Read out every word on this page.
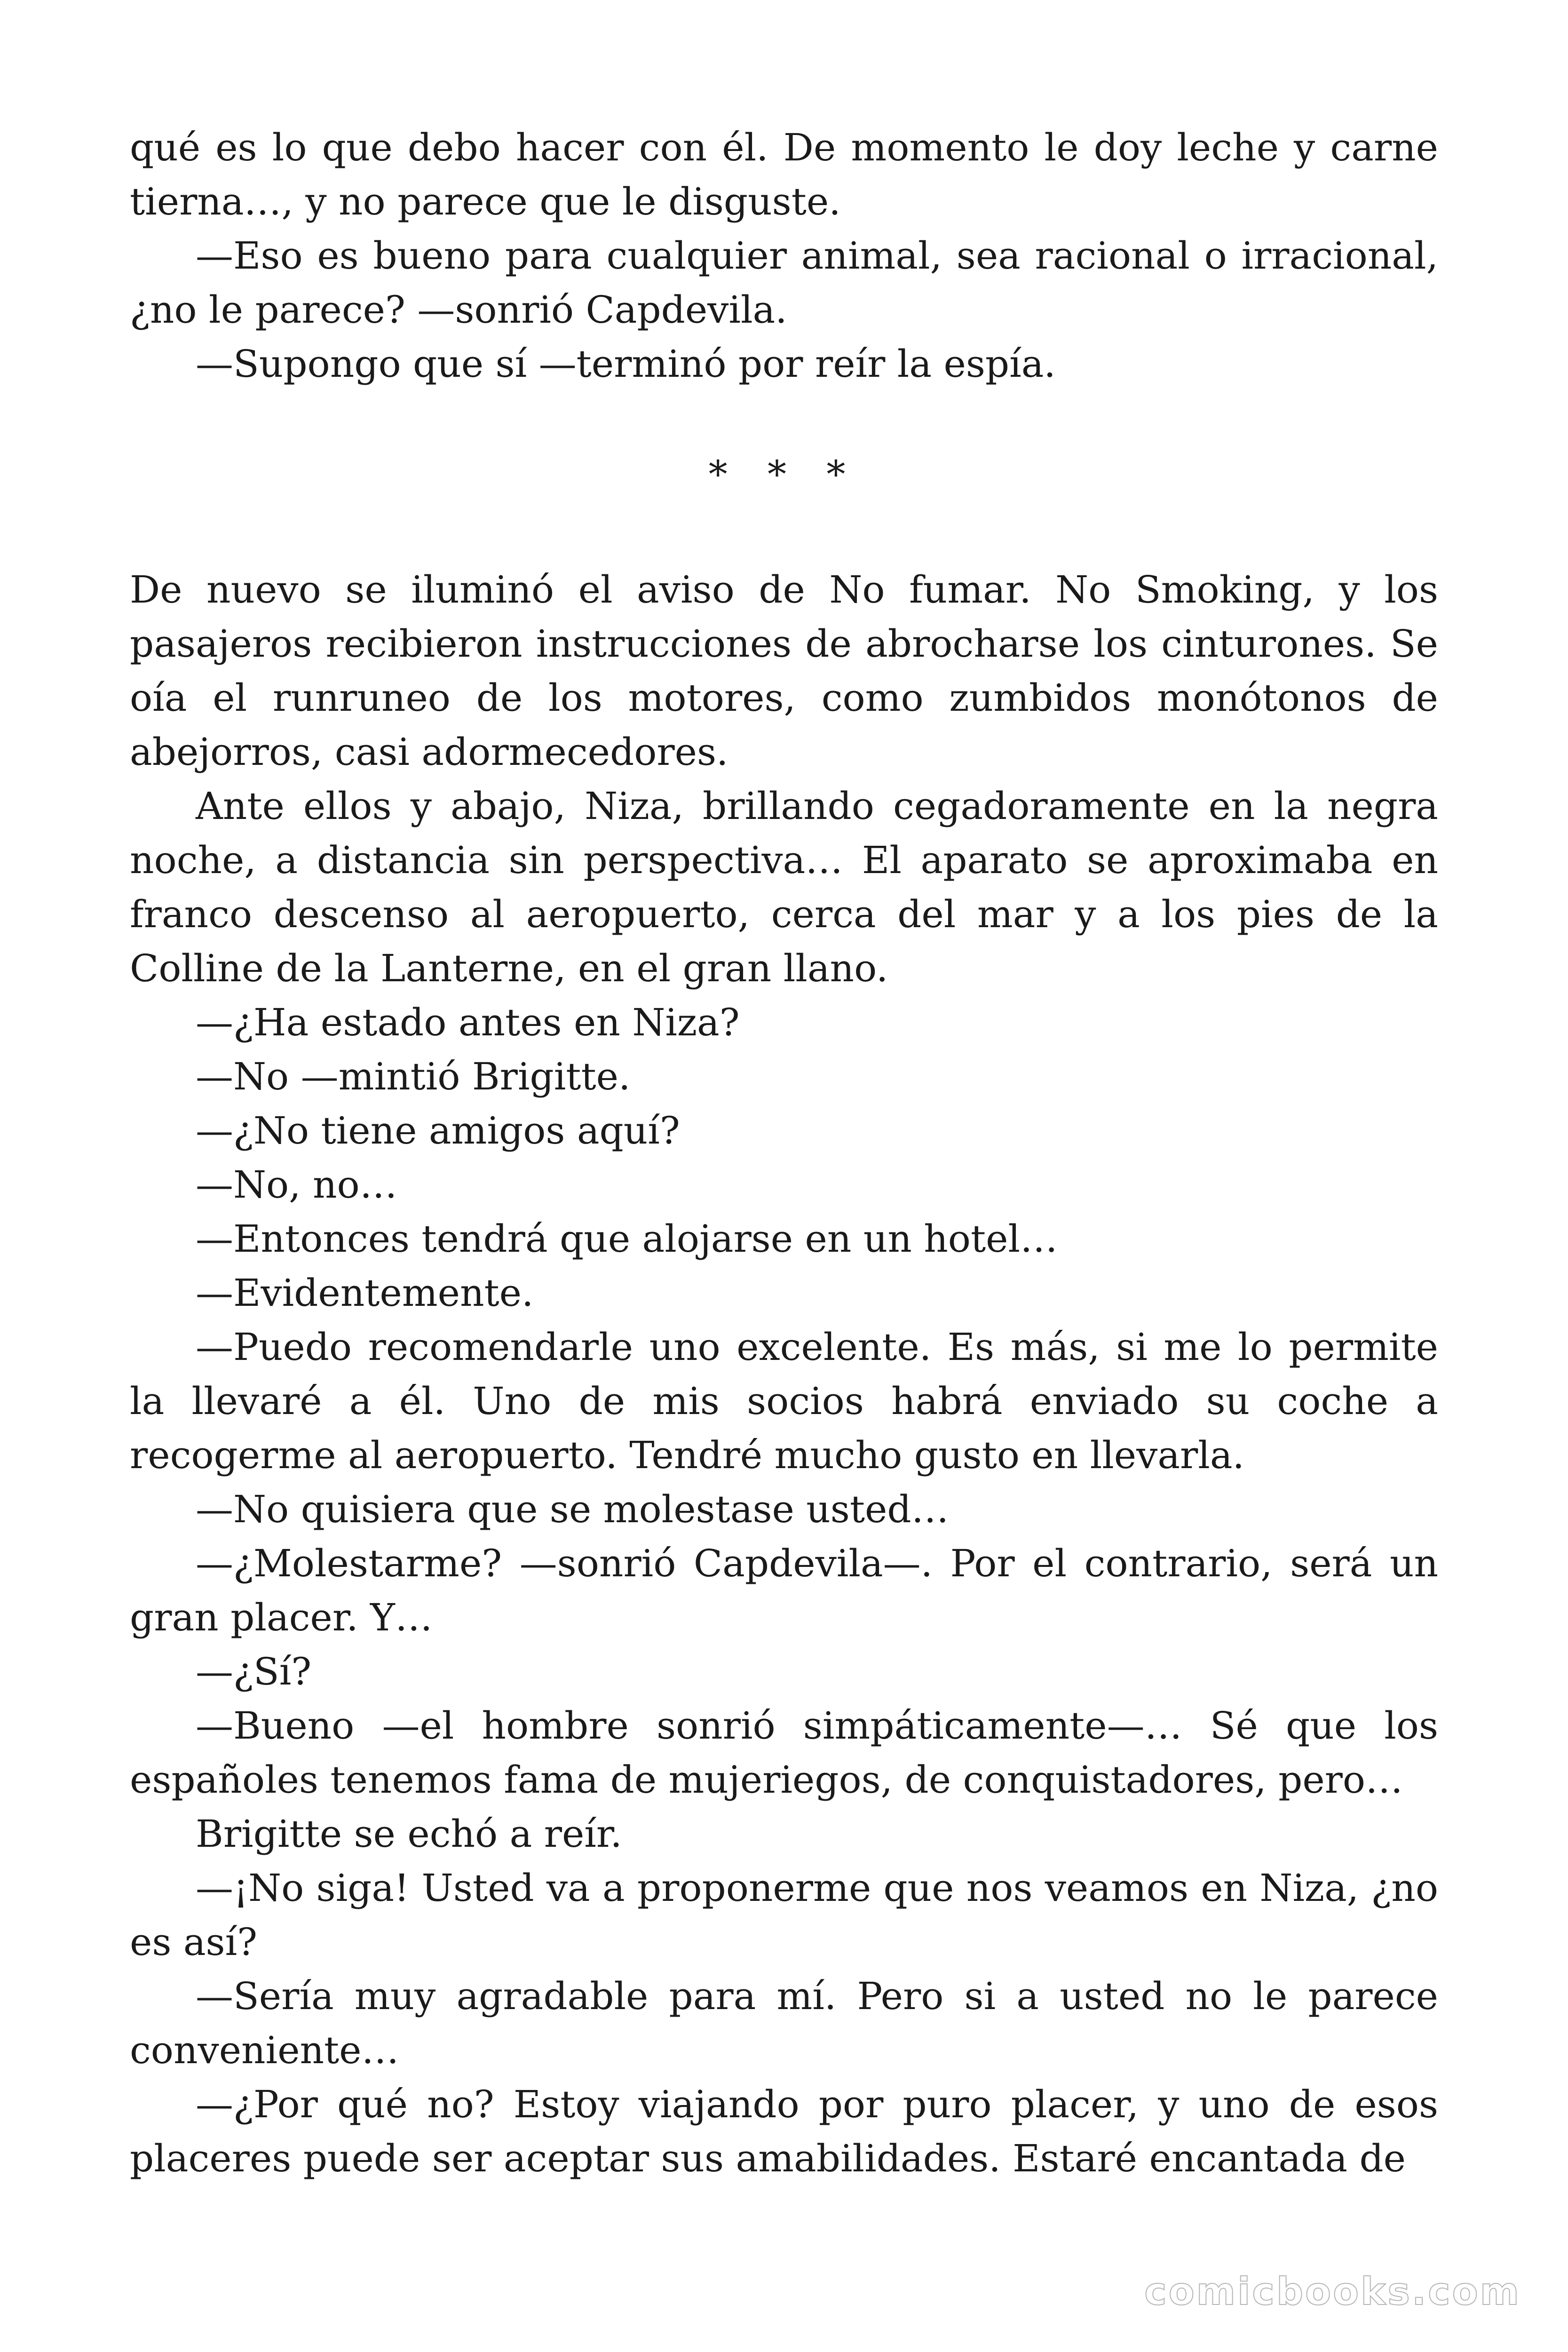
qué es lo que debo hacer con él. De momento le doy leche y carne tierna…, y no parece que le disguste.

—Eso es bueno para cualquier animal, sea racional o irracional, ¿no le parece? —sonrió Capdevila.

—Supongo que sí —terminó por reír la espía.

* * *

De nuevo se iluminó el aviso de No fumar. No Smoking, y los pasajeros recibieron instrucciones de abrocharse los cinturones. Se oía el runruneo de los motores, como zumbidos monótonos de abejorros, casi adormecedores.

Ante ellos y abajo, Niza, brillando cegadoramente en la negra noche, a distancia sin perspectiva… El aparato se aproximaba en franco descenso al aeropuerto, cerca del mar y a los pies de la Colline de la Lanterne, en el gran llano.

—¿Ha estado antes en Niza?

—No —mintió Brigitte.

—¿No tiene amigos aquí?

—No, no…

—Entonces tendrá que alojarse en un hotel…

—Evidentemente.

—Puedo recomendarle uno excelente. Es más, si me lo permite la llevaré a él. Uno de mis socios habrá enviado su coche a recogerme al aeropuerto. Tendré mucho gusto en llevarla.

—No quisiera que se molestase usted…

—¿Molestarme? —sonrió Capdevila—. Por el contrario, será un gran placer. Y…

—¿Sí?

—Bueno —el hombre sonrió simpáticamente—… Sé que los españoles tenemos fama de mujeriegos, de conquistadores, pero…

Brigitte se echó a reír.

—¡No siga! Usted va a proponerme que nos veamos en Niza, ¿no es así?

—Sería muy agradable para mí. Pero si a usted no le parece conveniente…

—¿Por qué no? Estoy viajando por puro placer, y uno de esos placeres puede ser aceptar sus amabilidades. Estaré encantada de

comicbooks.com
